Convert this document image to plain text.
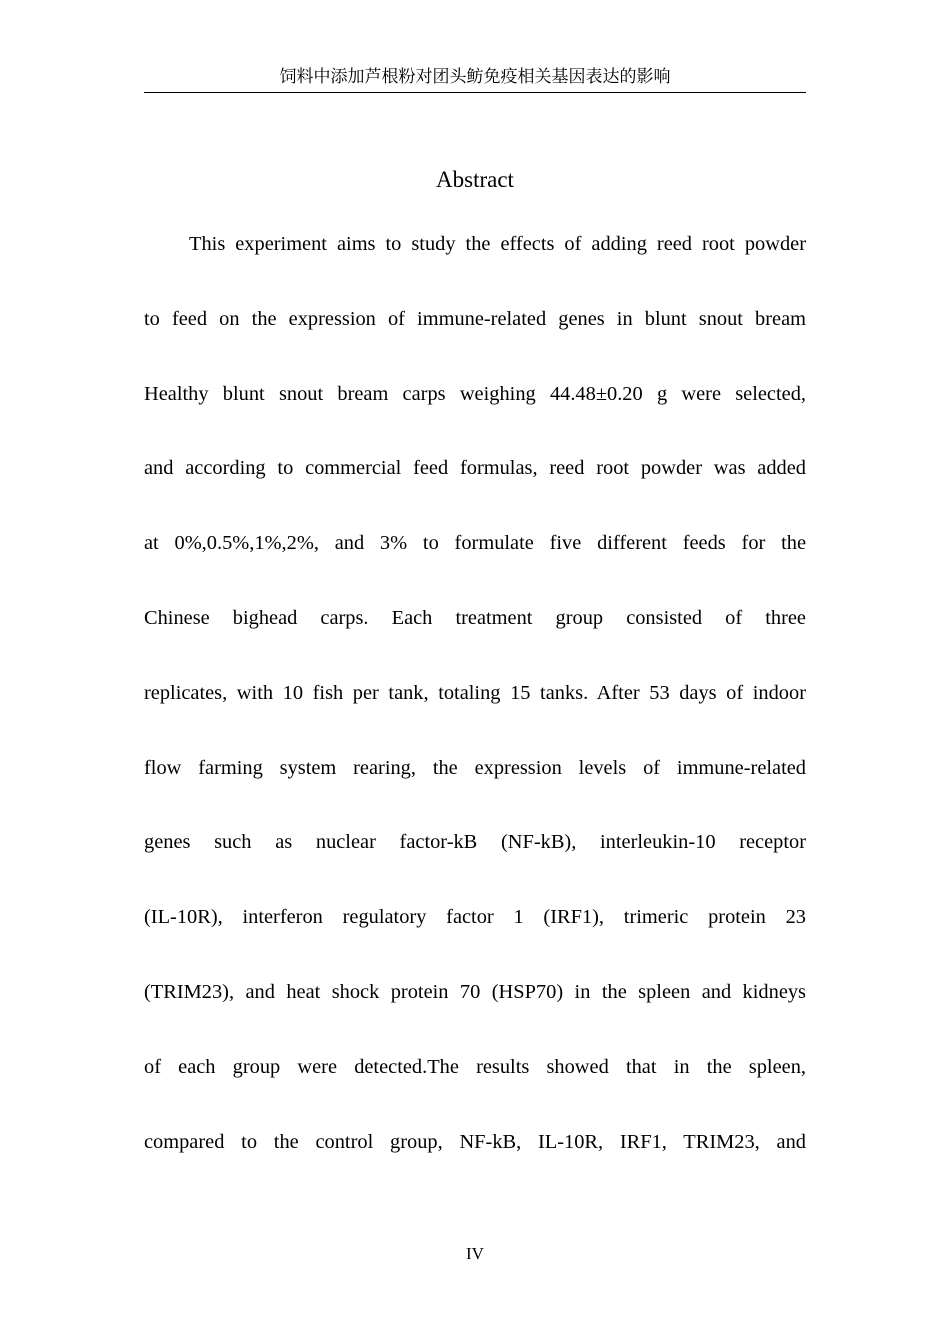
饲料中添加芦根粉对团头鲂免疫相关基因表达的影响
Abstract
This experiment aims to study the effects of adding reed root powder
to feed on the expression of immune-related genes in blunt snout bream
Healthy blunt snout bream carps weighing 44.48±0.20 g were selected,
and according to commercial feed formulas, reed root powder was added
at 0%,0.5%,1%,2%, and 3% to formulate five different feeds for the
Chinese bighead carps. Each treatment group consisted of three
replicates, with 10 fish per tank, totaling 15 tanks. After 53 days of indoor
flow farming system rearing, the expression levels of immune-related
genes such as nuclear factor-kB (NF-kB), interleukin-10 receptor
(IL-10R), interferon regulatory factor 1 (IRF1), trimeric protein 23
(TRIM23), and heat shock protein 70 (HSP70) in the spleen and kidneys
of each group were detected.The results showed that in the spleen,
compared to the control group, NF-kB, IL-10R, IRF1, TRIM23, and
IV
